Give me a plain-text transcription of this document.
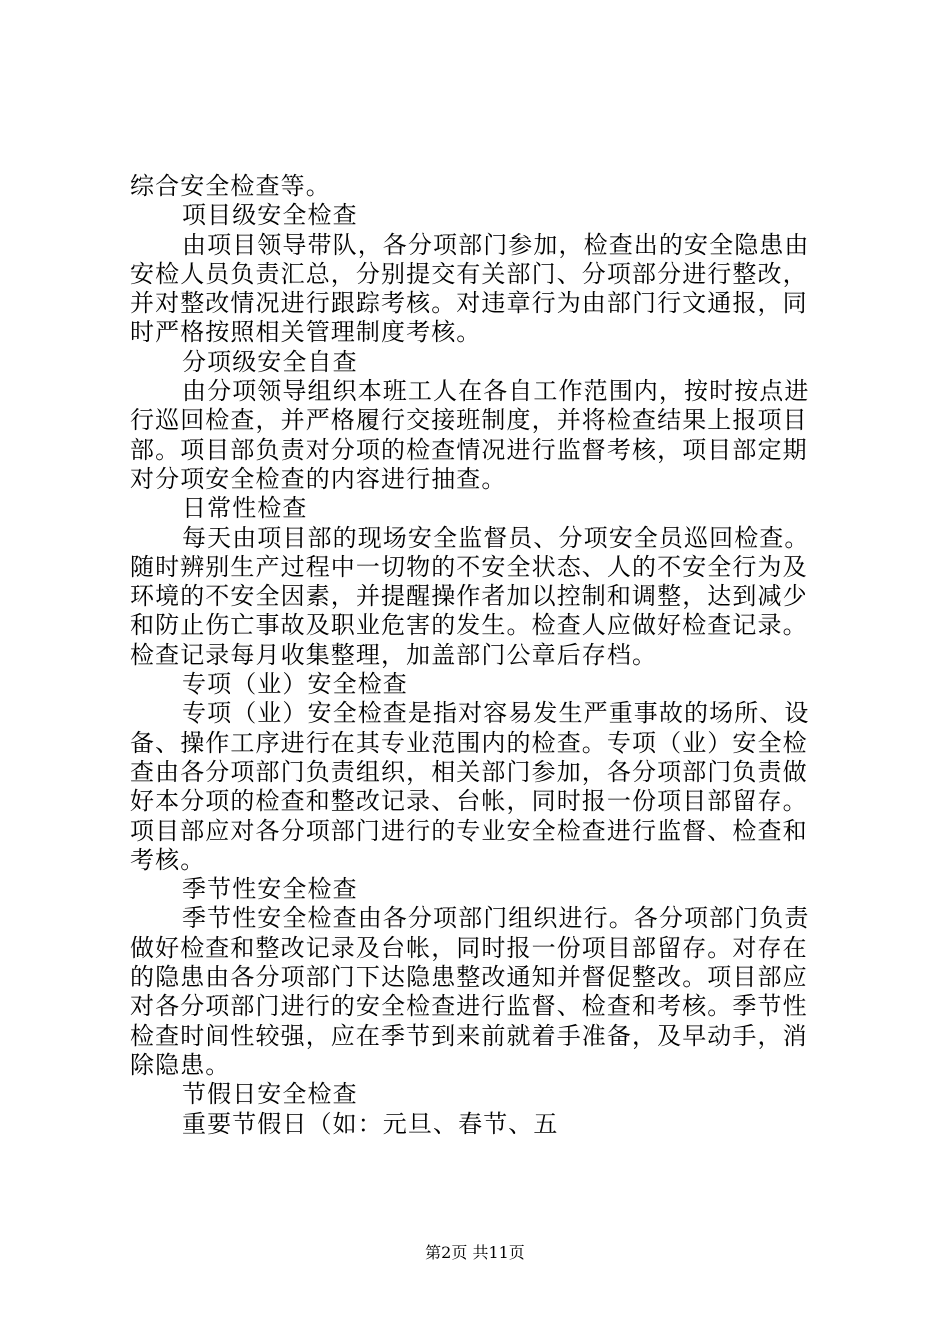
综合安全检查等。
项目级安全检查
由项目领导带队，各分项部门参加，检查出的安全隐患由
安检人员负责汇总，分别提交有关部门、分项部分进行整改，
并对整改情况进行跟踪考核。对违章行为由部门行文通报，同
时严格按照相关管理制度考核。
分项级安全自查
由分项领导组织本班工人在各自工作范围内，按时按点进
行巡回检查，并严格履行交接班制度，并将检查结果上报项目
部。项目部负责对分项的检查情况进行监督考核，项目部定期
对分项安全检查的内容进行抽查。
日常性检查
每天由项目部的现场安全监督员、分项安全员巡回检查。
随时辨别生产过程中一切物的不安全状态、人的不安全行为及
环境的不安全因素，并提醒操作者加以控制和调整，达到减少
和防止伤亡事故及职业危害的发生。检查人应做好检查记录。
检查记录每月收集整理，加盖部门公章后存档。
专项（业）安全检查
专项（业）安全检查是指对容易发生严重事故的场所、设
备、操作工序进行在其专业范围内的检查。专项（业）安全检
查由各分项部门负责组织，相关部门参加，各分项部门负责做
好本分项的检查和整改记录、台帐，同时报一份项目部留存。
项目部应对各分项部门进行的专业安全检查进行监督、检查和
考核。
季节性安全检查
季节性安全检查由各分项部门组织进行。各分项部门负责
做好检查和整改记录及台帐，同时报一份项目部留存。对存在
的隐患由各分项部门下达隐患整改通知并督促整改。项目部应
对各分项部门进行的安全检查进行监督、检查和考核。季节性
检查时间性较强，应在季节到来前就着手准备，及早动手，消
除隐患。
节假日安全检查
重要节假日（如：元旦、春节、五
第2页 共11页
